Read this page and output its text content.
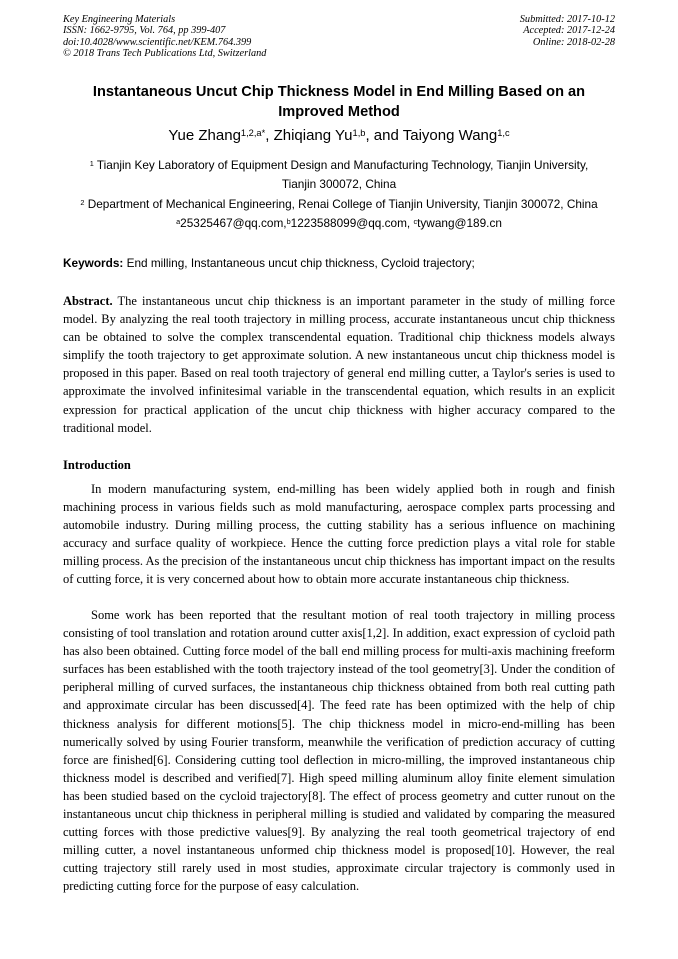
Key Engineering Materials
ISSN: 1662-9795, Vol. 764, pp 399-407
doi:10.4028/www.scientific.net/KEM.764.399
© 2018 Trans Tech Publications Ltd, Switzerland
Submitted: 2017-10-12
Accepted: 2017-12-24
Online: 2018-02-28
Instantaneous Uncut Chip Thickness Model in End Milling Based on an
Improved Method
Yue Zhang$^{1,2,a*}$, Zhiqiang Yu$^{1,b}$, and Taiyong Wang$^{1,c}$
$^1$ Tianjin Key Laboratory of Equipment Design and Manufacturing Technology, Tianjin University,
Tianjin 300072, China
$^2$ Department of Mechanical Engineering, Renai College of Tianjin University, Tianjin 300072, China
$^a$25325467@qq.com,$^b$1223588099@qq.com, $^c$tywang@189.cn
Keywords: End milling, Instantaneous uncut chip thickness, Cycloid trajectory;

Abstract. The instantaneous uncut chip thickness is an important parameter in the study of milling force model. By analyzing the real tooth trajectory in milling process, accurate instantaneous uncut chip thickness can be obtained to solve the complex transcendental equation. Traditional chip thickness models always simplify the tooth trajectory to get approximate solution. A new instantaneous uncut chip thickness model is proposed in this paper. Based on real tooth trajectory of general end milling cutter, a Taylor's series is used to approximate the involved infinitesimal variable in the transcendental equation, which results in an explicit expression for practical application of the uncut chip thickness with higher accuracy compared to the traditional model.

Introduction

In modern manufacturing system, end-milling has been widely applied both in rough and finish machining process in various fields such as mold manufacturing, aerospace complex parts processing and automobile industry. During milling process, the cutting stability has a serious influence on machining accuracy and surface quality of workpiece. Hence the cutting force prediction plays a vital role for stable milling process. As the precision of the instantaneous uncut chip thickness has important impact on the results of cutting force, it is very concerned about how to obtain more accurate instantaneous chip thickness.

Some work has been reported that the resultant motion of real tooth trajectory in milling process consisting of tool translation and rotation around cutter axis[1,2]. In addition, exact expression of cycloid path has also been obtained. Cutting force model of the ball end milling process for multi-axis machining freeform surfaces has been established with the tooth trajectory instead of the tool geometry[3]. Under the condition of peripheral milling of curved surfaces, the instantaneous chip thickness obtained from both real cutting path and approximate circular has been discussed[4]. The feed rate has been optimized with the help of chip thickness analysis for different motions[5]. The chip thickness model in micro-end-milling has been numerically solved by using Fourier transform, meanwhile the verification of prediction accuracy of cutting force are finished[6]. Considering cutting tool deflection in micro-milling, the improved instantaneous chip thickness model is described and verified[7]. High speed milling aluminum alloy finite element simulation has been studied based on the cycloid trajectory[8]. The effect of process geometry and cutter runout on the instantaneous uncut chip thickness in peripheral milling is studied and validated by comparing the measured cutting forces with those predictive values[9]. By analyzing the real tooth geometrical trajectory of end milling cutter, a novel instantaneous unformed chip thickness model is proposed[10]. However, the real cutting trajectory still rarely used in most studies, approximate circular trajectory is commonly used in predicting cutting force for the purpose of easy calculation.
